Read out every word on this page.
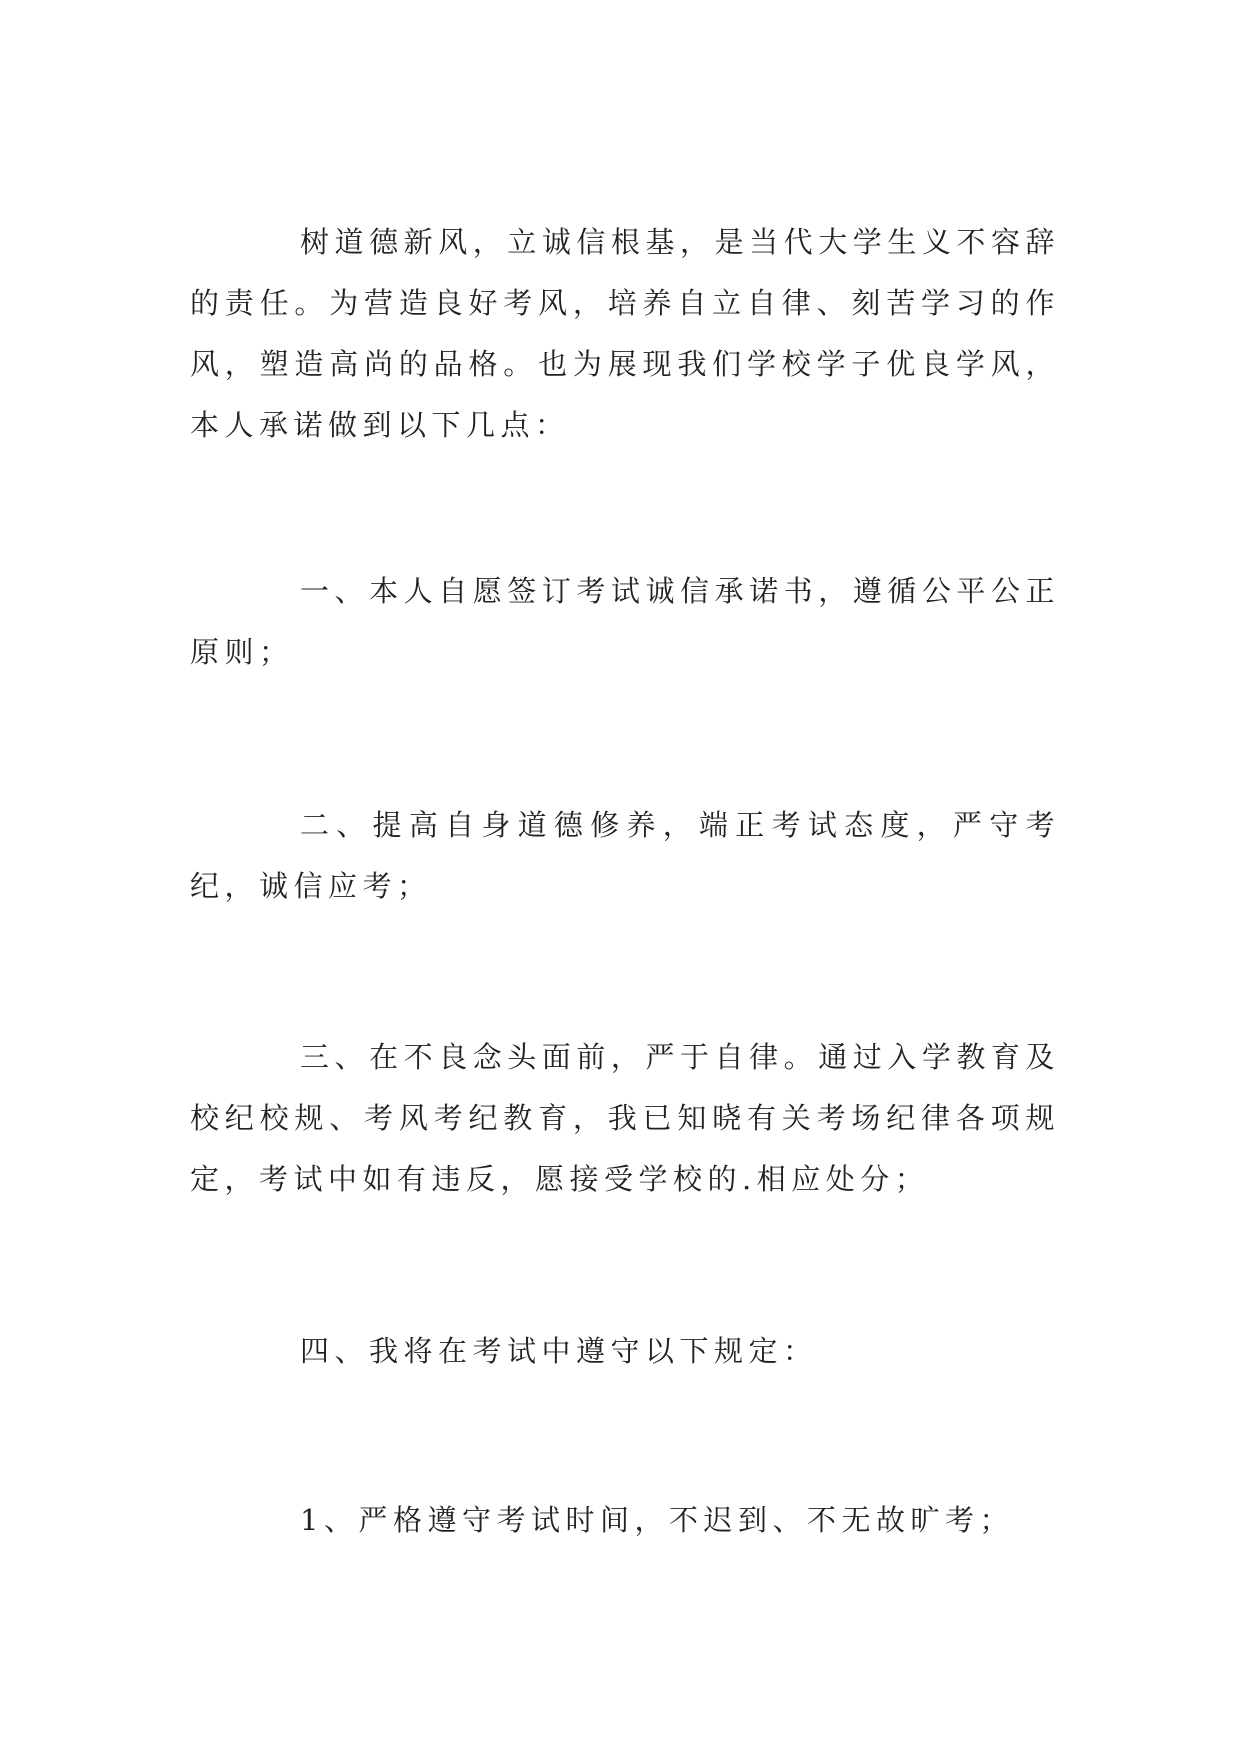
树道德新风，立诚信根基，是当代大学生义不容辞的责任。为营造良好考风，培养自立自律、刻苦学习的作风，塑造高尚的品格。也为展现我们学校学子优良学风，本人承诺做到以下几点：

一、本人自愿签订考试诚信承诺书，遵循公平公正原则；

二、提高自身道德修养，端正考试态度，严守考纪，诚信应考；

三、在不良念头面前，严于自律。通过入学教育及校纪校规、考风考纪教育，我已知晓有关考场纪律各项规定，考试中如有违反，愿接受学校的.相应处分；

四、我将在考试中遵守以下规定：

1、严格遵守考试时间，不迟到、不无故旷考；
